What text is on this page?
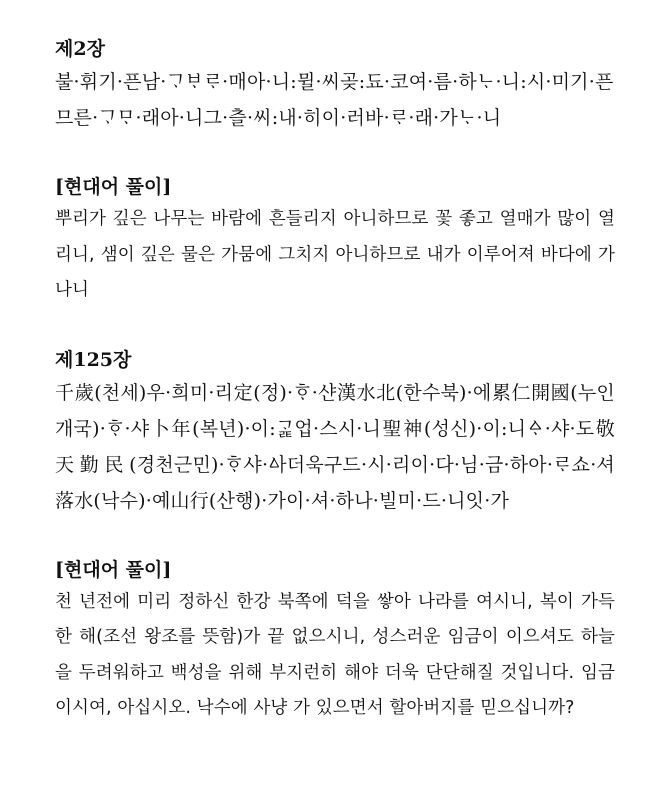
제2장

불·휘기·픈남·ᄀᆞᄇᆞᄅᆞ·매아·니:뮐·씨곶:됴·코여·름·하ᄂᆞ·니:시·미기·픈므른·ᄀᆞᄆᆞ·래아·니그·츨·씨:내·히이·러바·ᄅᆞ·래·가ᄂᆞ·니

[현대어 풀이]

뿌리가 깊은 나무는 바람에 흔들리지 아니하므로 꽃 좋고 열매가 많이 열리니, 샘이 깊은 물은 가뭄에 그치지 아니하므로 내가 이루어져 바다에 가나니

제125장

千歲(천세)우·희미·리定(정)·ᄒᆞ·샨漢水北(한수북)·에累仁開國(누인개국)·ᄒᆞ·샤卜年(복년)·이:ᄀᆞᆴ업·스시·니聖神(성신)·이:니ᅀᆞ·샤·도敬天勤民(경천근민)·ᄒᆞ샤·ᅀᅡ더욱구드·시·리이·다·님·금·하아·ᄅᆞ쇼·셔落水(낙수)·예山行(산행)·가이·셔·하나·빌미·드·니잇·가

[현대어 풀이]

천 년전에 미리 정하신 한강 북쪽에 덕을 쌓아 나라를 여시니, 복이 가득한 해(조선 왕조를 뜻함)가 끝 없으시니, 성스러운 임금이 이으셔도 하늘을 두려워하고 백성을 위해 부지런히 해야 더욱 단단해질 것입니다. 임금이시여, 아십시오. 낙수에 사냥 가 있으면서 할아버지를 믿으십니까?
